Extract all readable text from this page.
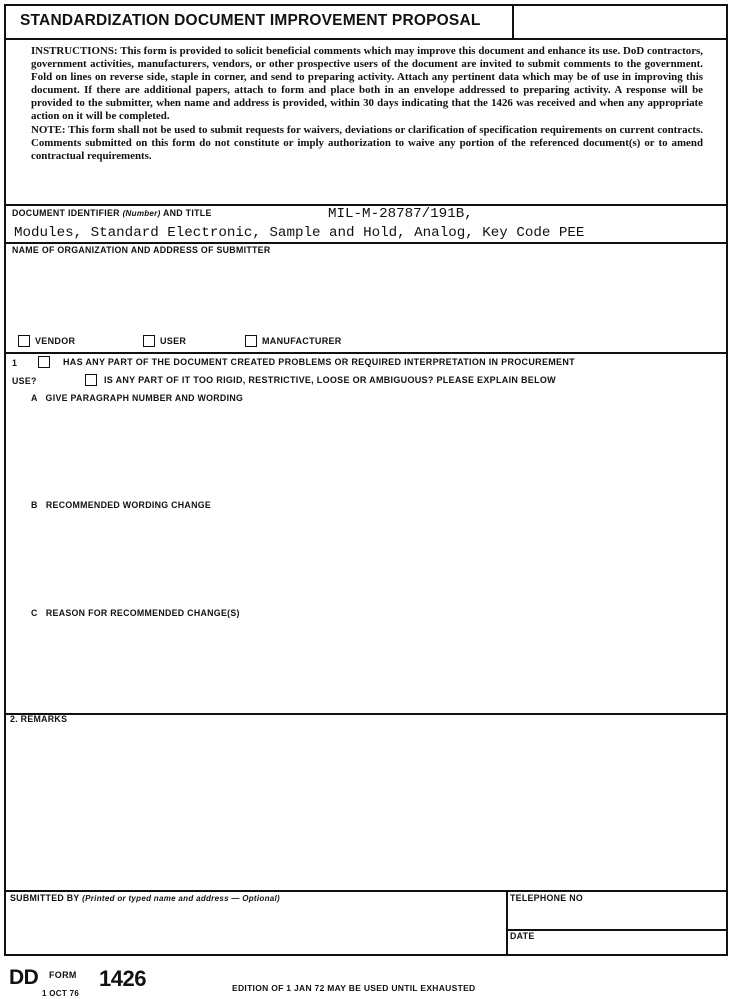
STANDARDIZATION DOCUMENT IMPROVEMENT PROPOSAL
INSTRUCTIONS: This form is provided to solicit beneficial comments which may improve this document and enhance its use. DoD contractors, government activities, manufacturers, vendors, or other prospective users of the document are invited to submit comments to the government. Fold on lines on reverse side, staple in corner, and send to preparing activity. Attach any pertinent data which may be of use in improving this document. If there are additional papers, attach to form and place both in an envelope addressed to preparing activity. A response will be provided to the submitter, when name and address is provided, within 30 days indicating that the 1426 was received and when any appropriate action on it will be completed.
NOTE: This form shall not be used to submit requests for waivers, deviations or clarification of specification requirements on current contracts. Comments submitted on this form do not constitute or imply authorization to waive any portion of the referenced document(s) or to amend contractual requirements.
DOCUMENT IDENTIFIER (Number) AND TITLE	MIL-M-28787/191B,
Modules, Standard Electronic, Sample and Hold, Analog, Key Code PEE
NAME OF ORGANIZATION AND ADDRESS OF SUBMITTER
VENDOR	USER	MANUFACTURER
1	HAS ANY PART OF THE DOCUMENT CREATED PROBLEMS OR REQUIRED INTERPRETATION IN PROCUREMENT
USE?	IS ANY PART OF IT TOO RIGID, RESTRICTIVE, LOOSE OR AMBIGUOUS? PLEASE EXPLAIN BELOW
A   GIVE PARAGRAPH NUMBER AND WORDING
B   RECOMMENDED WORDING CHANGE
C   REASON FOR RECOMMENDED CHANGE(S)
2. REMARKS
SUBMITTED BY (Printed or typed name and address — Optional)	TELEPHONE NO
DATE
DD FORM 1426
1 OCT 76
EDITION OF 1 JAN 72 MAY BE USED UNTIL EXHAUSTED
